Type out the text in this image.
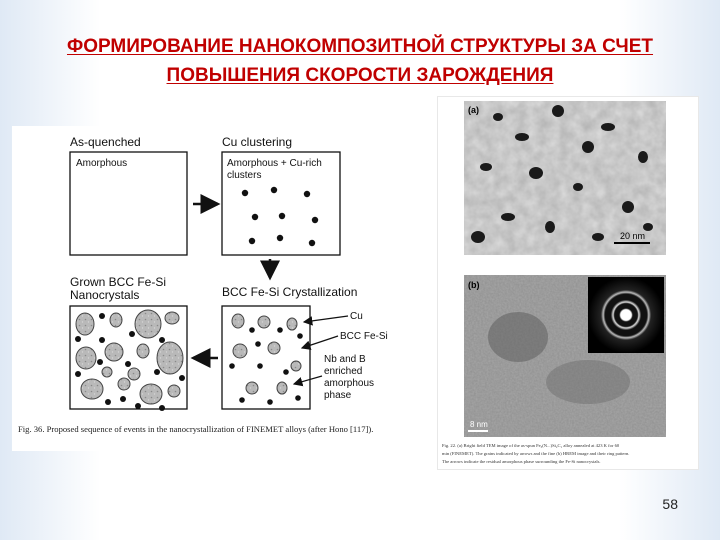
ФОРМИРОВАНИЕ НАНОКОМПОЗИТНОЙ СТРУКТУРЫ ЗА СЧЕТ
ПОВЫШЕНИЯ СКОРОСТИ ЗАРОЖДЕНИЯ
As-quenched
Amorphous
Cu clustering
Amorphous + Cu-rich
clusters
Grown BCC Fe-Si
Nanocrystals	BCC Fe-Si Crystallization
Cu
BCC Fe-Si
Nb and B
enriched
amorphous
phase
Fig. 36. Proposed sequence of events in the nanocrystallization of FINEMET alloys (after Hono [117]).
(a)
20 nm
(b)
8 nm
Fig. 22. (a) Bright field TEM image of the as-spun Fe₃(N...)Si₂C₁ alloy annealed at 423 K for 60
min (FINEMET). The grains indicated by arrows and the fine (b) HREM image and their ring pattern.
The arrows indicate the residual amorphous phase surrounding the Fe-Si nanocrystals.
58
